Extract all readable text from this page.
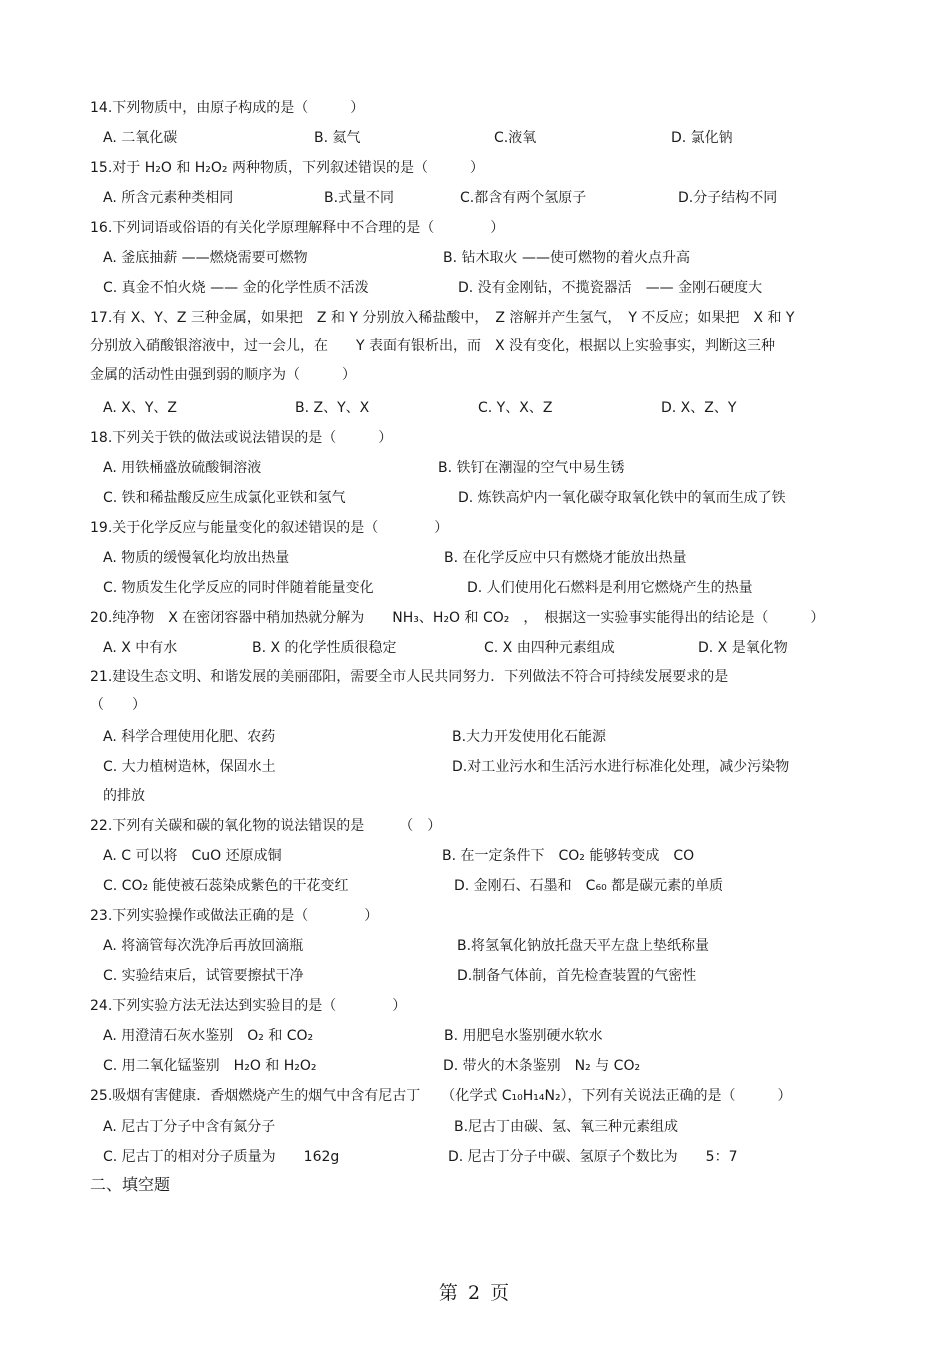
14.下列物质中，由原子构成的是（　　　）
A. 二氧化碳	B. 氦气	C.液氧	D. 氯化钠
15.对于 H₂O 和 H₂O₂ 两种物质，下列叙述错误的是（　　　）
A. 所含元素种类相同	B.式量不同	C.都含有两个氢原子	D.分子结构不同
16.下列词语或俗语的有关化学原理解释中不合理的是（　　　　）
A. 釜底抽薪 ——燃烧需要可燃物	B. 钻木取火 ——使可燃物的着火点升高
C. 真金不怕火烧 —— 金的化学性质不活泼	D. 没有金刚钻，不揽瓷器活　—— 金刚石硬度大
17.有 X、Y、Z 三种金属，如果把　Z 和 Y 分别放入稀盐酸中，　Z 溶解并产生氢气，　Y 不反应；如果把　X 和 Y
分别放入硝酸银溶液中，过一会儿，在　　Y 表面有银析出，而　X 没有变化，根据以上实验事实，判断这三种
金属的活动性由强到弱的顺序为（　　　）
A. X、Y、Z	B. Z、Y、X	C. Y、X、Z	D. X、Z、Y
18.下列关于铁的做法或说法错误的是（　　　）
A. 用铁桶盛放硫酸铜溶液	B. 铁钉在潮湿的空气中易生锈
C. 铁和稀盐酸反应生成氯化亚铁和氢气	D. 炼铁高炉内一氧化碳夺取氧化铁中的氧而生成了铁
19.关于化学反应与能量变化的叙述错误的是（　　　　）
A. 物质的缓慢氧化均放出热量	B. 在化学反应中只有燃烧才能放出热量
C. 物质发生化学反应的同时伴随着能量变化	D. 人们使用化石燃料是利用它燃烧产生的热量
20.纯净物　X 在密闭容器中稍加热就分解为　　NH₃、H₂O 和 CO₂　，　根据这一实验事实能得出的结论是（　　　）
A. X 中有水	B. X 的化学性质很稳定	C. X 由四种元素组成	D. X 是氧化物
21.建设生态文明、和谐发展的美丽邵阳，需要全市人民共同努力．下列做法不符合可持续发展要求的是
（　　）
A. 科学合理使用化肥、农药	B.大力开发使用化石能源
C. 大力植树造林，保固水土	D.对工业污水和生活污水进行标准化处理，减少污染物
的排放
22.下列有关碳和碳的氧化物的说法错误的是　　　（　）
A. C 可以将　CuO 还原成铜	B. 在一定条件下　CO₂ 能够转变成　CO
C. CO₂ 能使被石蕊染成紫色的干花变红	D. 金刚石、石墨和　C₆₀ 都是碳元素的单质
23.下列实验操作或做法正确的是（　　　　）
A. 将滴管每次洗净后再放回滴瓶	B.将氢氧化钠放托盘天平左盘上垫纸称量
C. 实验结束后，试管要擦拭干净	D.制备气体前，首先检查装置的气密性
24.下列实验方法无法达到实验目的是（　　　　）
A. 用澄清石灰水鉴别　O₂ 和 CO₂	B. 用肥皂水鉴别硬水软水
C. 用二氧化锰鉴别　H₂O 和 H₂O₂	D. 带火的木条鉴别　N₂ 与 CO₂
25.吸烟有害健康．香烟燃烧产生的烟气中含有尼古丁　　（化学式 C₁₀H₁₄N₂），下列有关说法正确的是（　　　）
A. 尼古丁分子中含有氮分子	B.尼古丁由碳、氢、氧三种元素组成
C. 尼古丁的相对分子质量为　　162g	D. 尼古丁分子中碳、氢原子个数比为　　5：7
二、填空题
第 2 页
